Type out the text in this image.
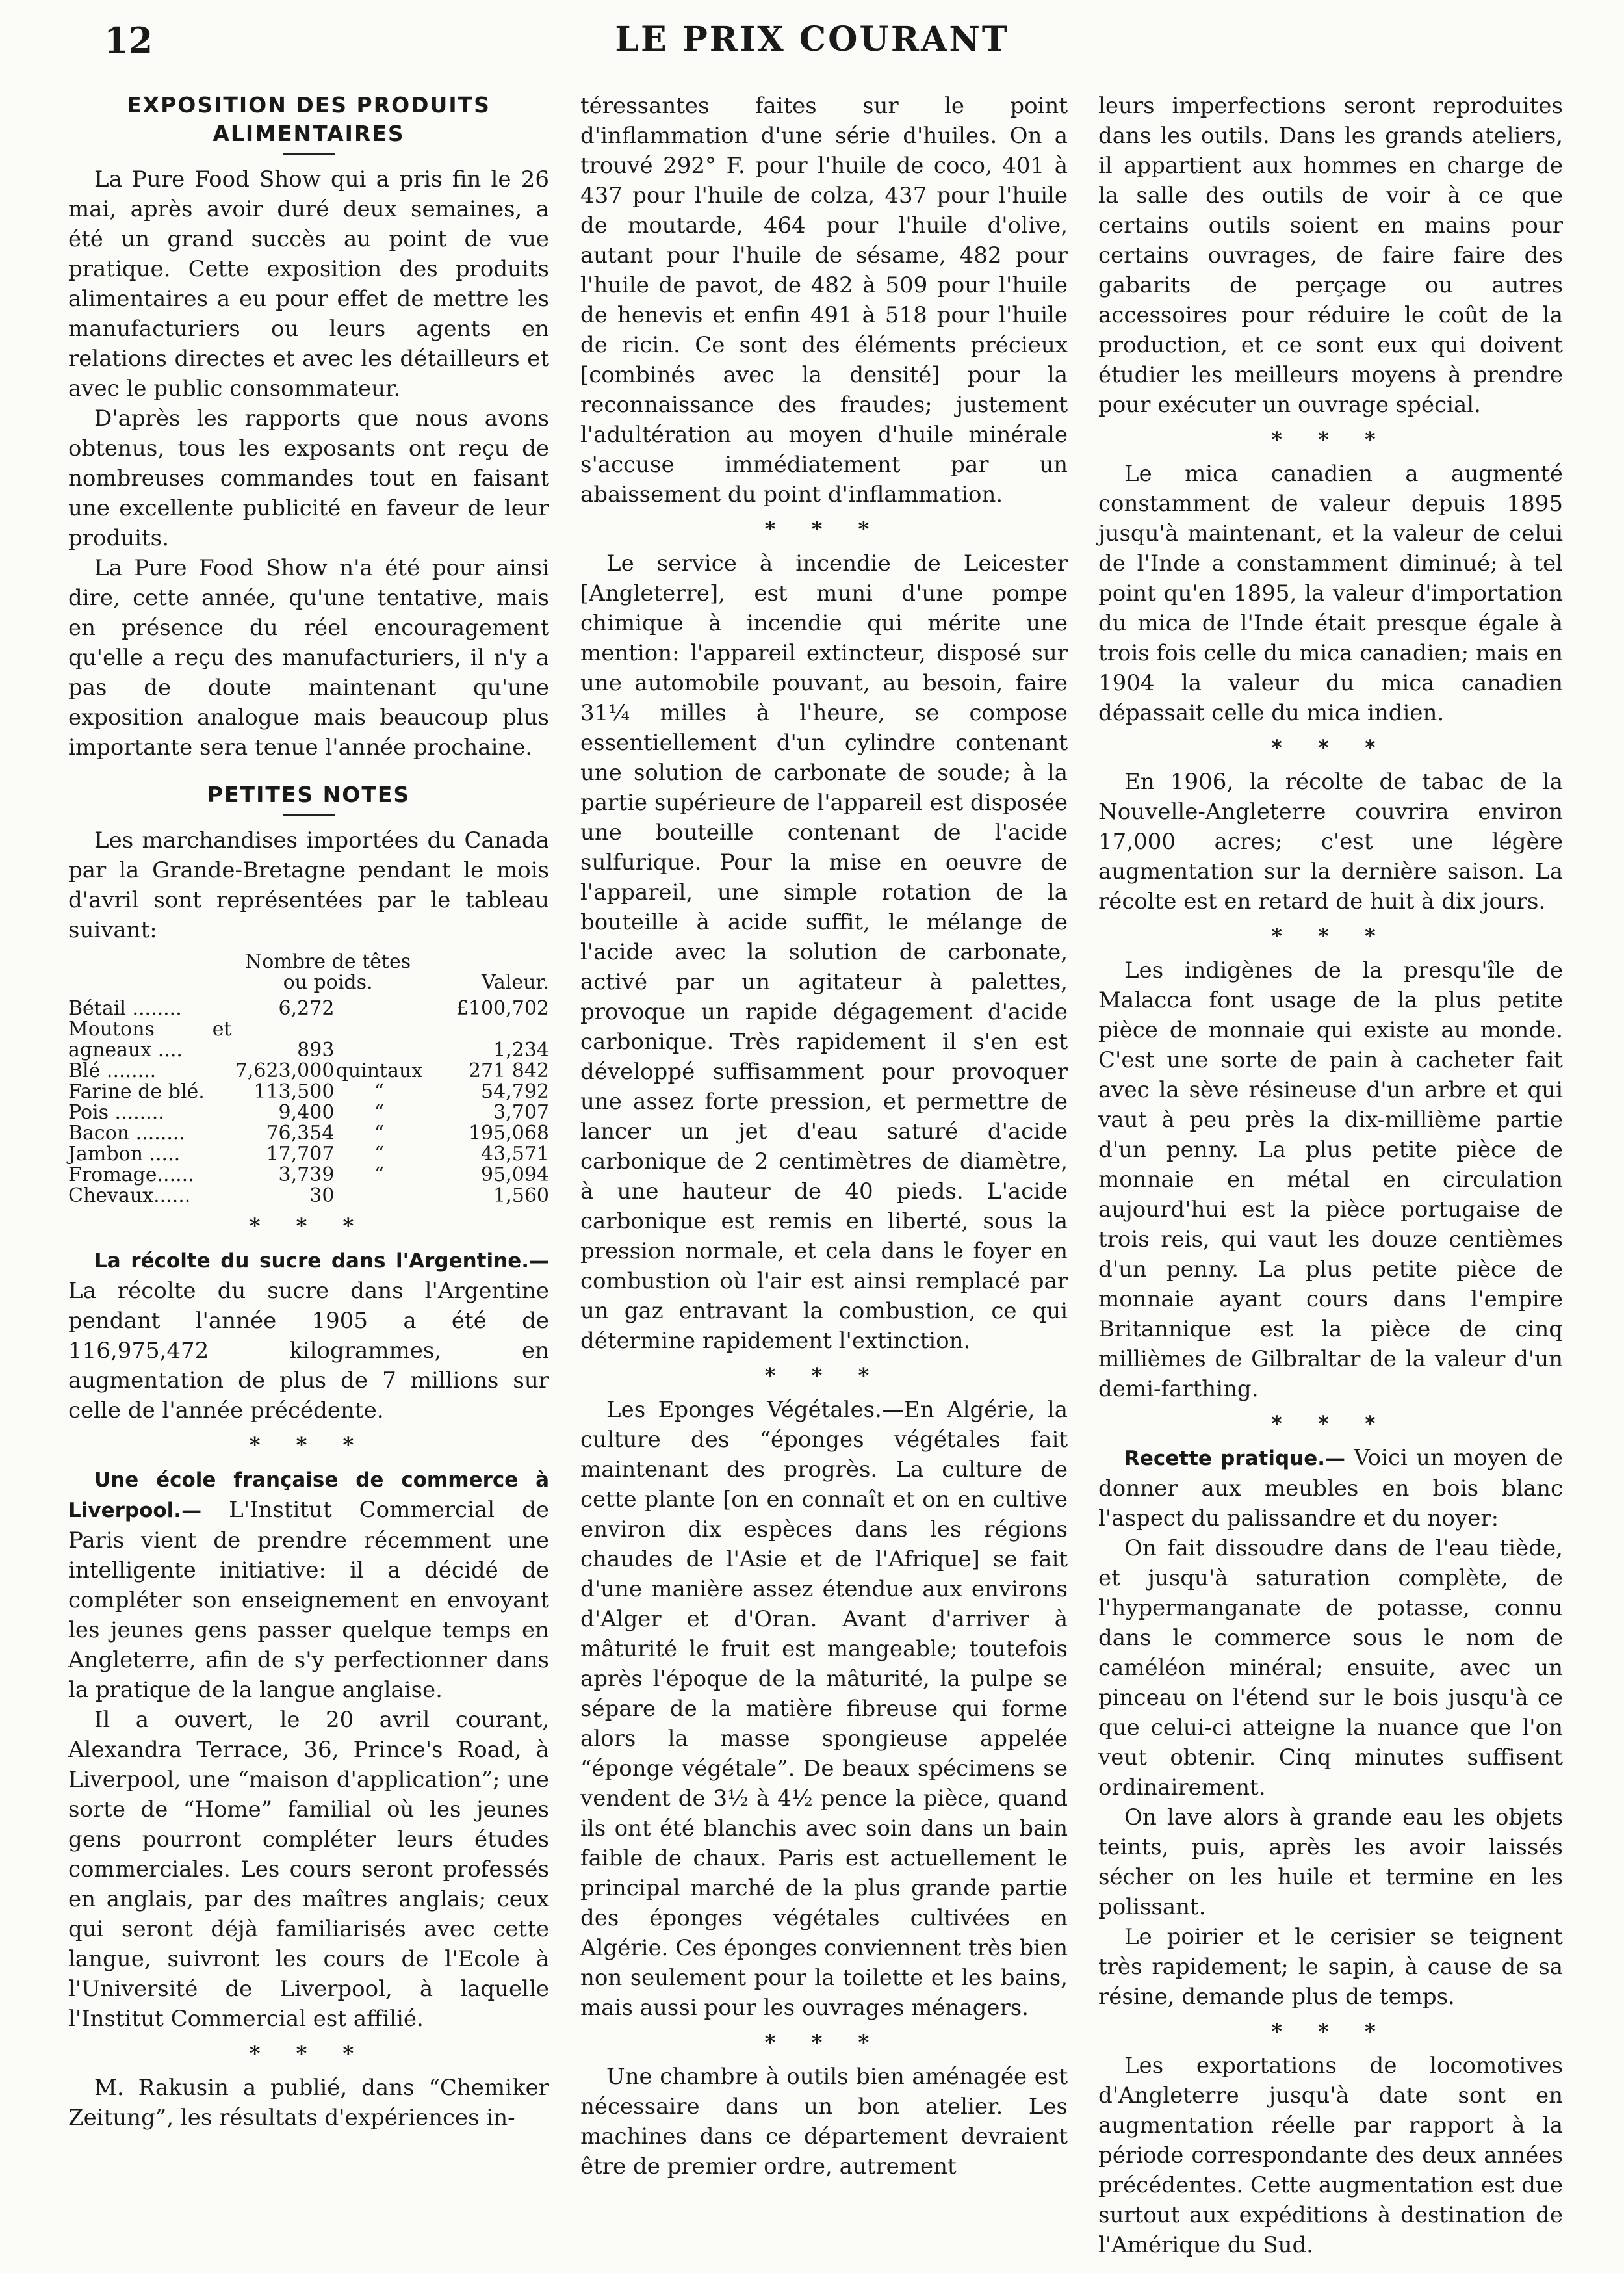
12	LE PRIX COURANT
EXPOSITION DES PRODUITS ALIMENTAIRES

La Pure Food Show qui a pris fin le 26 mai, après avoir duré deux semaines, a été un grand succès au point de vue pratique. Cette exposition des produits alimentaires a eu pour effet de mettre les manufacturiers ou leurs agents en relations directes et avec les détailleurs et avec le public consommateur.

D'après les rapports que nous avons obtenus, tous les exposants ont reçu de nombreuses commandes tout en faisant une excellente publicité en faveur de leur produits.

La Pure Food Show n'a été pour ainsi dire, cette année, qu'une tentative, mais en présence du réel encouragement qu'elle a reçu des manufacturiers, il n'y a pas de doute maintenant qu'une exposition analogue mais beaucoup plus importante sera tenue l'année prochaine.

PETITES NOTES

Les marchandises importées du Canada par la Grande-Bretagne pendant le mois d'avril sont représentées par le tableau suivant:

	Nombre de têtes ou poids.		Valeur.
Bétail ........	6,272		£100,702
Moutons et agneaux ....	893		1,234
Blé ........	7,623,000	quintaux	271 842
Farine de blé.	113,500	“	54,792
Pois ........	9,400	“	3,707
Bacon ........	76,354	“	195,068
Jambon .....	17,707	“	43,571
Fromage......	3,739	“	95,094
Chevaux......	30		1,560
* * *

La récolte du sucre dans l'Argentine.— La récolte du sucre dans l'Argentine pendant l'année 1905 a été de 116,975,472 kilogrammes, en augmentation de plus de 7 millions sur celle de l'année précédente.

* * *

Une école française de commerce à Liverpool.— L'Institut Commercial de Paris vient de prendre récemment une intelligente initiative: il a décidé de compléter son enseignement en envoyant les jeunes gens passer quelque temps en Angleterre, afin de s'y perfectionner dans la pratique de la langue anglaise.

Il a ouvert, le 20 avril courant, Alexandra Terrace, 36, Prince's Road, à Liverpool, une “maison d'application”; une sorte de “Home” familial où les jeunes gens pourront compléter leurs études commerciales. Les cours seront professés en anglais, par des maîtres anglais; ceux qui seront déjà familiarisés avec cette langue, suivront les cours de l'Ecole à l'Université de Liverpool, à laquelle l'Institut Commercial est affilié.

* * *

M. Rakusin a publié, dans “Chemiker Zeitung”, les résultats d'expériences in-

téressantes faites sur le point d'inflammation d'une série d'huiles. On a trouvé 292° F. pour l'huile de coco, 401 à 437 pour l'huile de colza, 437 pour l'huile de moutarde, 464 pour l'huile d'olive, autant pour l'huile de sésame, 482 pour l'huile de pavot, de 482 à 509 pour l'huile de henevis et enfin 491 à 518 pour l'huile de ricin. Ce sont des éléments précieux [combinés avec la densité] pour la reconnaissance des fraudes; justement l'adultération au moyen d'huile minérale s'accuse immédiatement par un abaissement du point d'inflammation.

* * *

Le service à incendie de Leicester [Angleterre], est muni d'une pompe chimique à incendie qui mérite une mention: l'appareil extincteur, disposé sur une automobile pouvant, au besoin, faire 31¼ milles à l'heure, se compose essentiellement d'un cylindre contenant une solution de carbonate de soude; à la partie supérieure de l'appareil est disposée une bouteille contenant de l'acide sulfurique. Pour la mise en oeuvre de l'appareil, une simple rotation de la bouteille à acide suffit, le mélange de l'acide avec la solution de carbonate, activé par un agitateur à palettes, provoque un rapide dégagement d'acide carbonique. Très rapidement il s'en est développé suffisamment pour provoquer une assez forte pression, et permettre de lancer un jet d'eau saturé d'acide carbonique de 2 centimètres de diamètre, à une hauteur de 40 pieds. L'acide carbonique est remis en liberté, sous la pression normale, et cela dans le foyer en combustion où l'air est ainsi remplacé par un gaz entravant la combustion, ce qui détermine rapidement l'extinction.

* * *

Les Eponges Végétales.—En Algérie, la culture des “éponges végétales fait maintenant des progrès. La culture de cette plante [on en connaît et on en cultive environ dix espèces dans les régions chaudes de l'Asie et de l'Afrique] se fait d'une manière assez étendue aux environs d'Alger et d'Oran. Avant d'arriver à mâturité le fruit est mangeable; toutefois après l'époque de la mâturité, la pulpe se sépare de la matière fibreuse qui forme alors la masse spongieuse appelée “éponge végétale”. De beaux spécimens se vendent de 3½ à 4½ pence la pièce, quand ils ont été blanchis avec soin dans un bain faible de chaux. Paris est actuellement le principal marché de la plus grande partie des éponges végétales cultivées en Algérie. Ces éponges conviennent très bien non seulement pour la toilette et les bains, mais aussi pour les ouvrages ménagers.

* * *

Une chambre à outils bien aménagée est nécessaire dans un bon atelier. Les machines dans ce département devraient être de premier ordre, autrement

leurs imperfections seront reproduites dans les outils. Dans les grands ateliers, il appartient aux hommes en charge de la salle des outils de voir à ce que certains outils soient en mains pour certains ouvrages, de faire faire des gabarits de perçage ou autres accessoires pour réduire le coût de la production, et ce sont eux qui doivent étudier les meilleurs moyens à prendre pour exécuter un ouvrage spécial.

* * *

Le mica canadien a augmenté constamment de valeur depuis 1895 jusqu'à maintenant, et la valeur de celui de l'Inde a constamment diminué; à tel point qu'en 1895, la valeur d'importation du mica de l'Inde était presque égale à trois fois celle du mica canadien; mais en 1904 la valeur du mica canadien dépassait celle du mica indien.

* * *

En 1906, la récolte de tabac de la Nouvelle-Angleterre couvrira environ 17,000 acres; c'est une légère augmentation sur la dernière saison. La récolte est en retard de huit à dix jours.

* * *

Les indigènes de la presqu'île de Malacca font usage de la plus petite pièce de monnaie qui existe au monde. C'est une sorte de pain à cacheter fait avec la sève résineuse d'un arbre et qui vaut à peu près la dix-millième partie d'un penny. La plus petite pièce de monnaie en métal en circulation aujourd'hui est la pièce portugaise de trois reis, qui vaut les douze centièmes d'un penny. La plus petite pièce de monnaie ayant cours dans l'empire Britannique est la pièce de cinq millièmes de Gilbraltar de la valeur d'un demi-farthing.

* * *

Recette pratique.— Voici un moyen de donner aux meubles en bois blanc l'aspect du palissandre et du noyer:

On fait dissoudre dans de l'eau tiède, et jusqu'à saturation complète, de l'hypermanganate de potasse, connu dans le commerce sous le nom de caméléon minéral; ensuite, avec un pinceau on l'étend sur le bois jusqu'à ce que celui-ci atteigne la nuance que l'on veut obtenir. Cinq minutes suffisent ordinairement.

On lave alors à grande eau les objets teints, puis, après les avoir laissés sécher on les huile et termine en les polissant.

Le poirier et le cerisier se teignent très rapidement; le sapin, à cause de sa résine, demande plus de temps.

* * *

Les exportations de locomotives d'Angleterre jusqu'à date sont en augmentation réelle par rapport à la période correspondante des deux années précédentes. Cette augmentation est due surtout aux expéditions à destination de l'Amérique du Sud.
